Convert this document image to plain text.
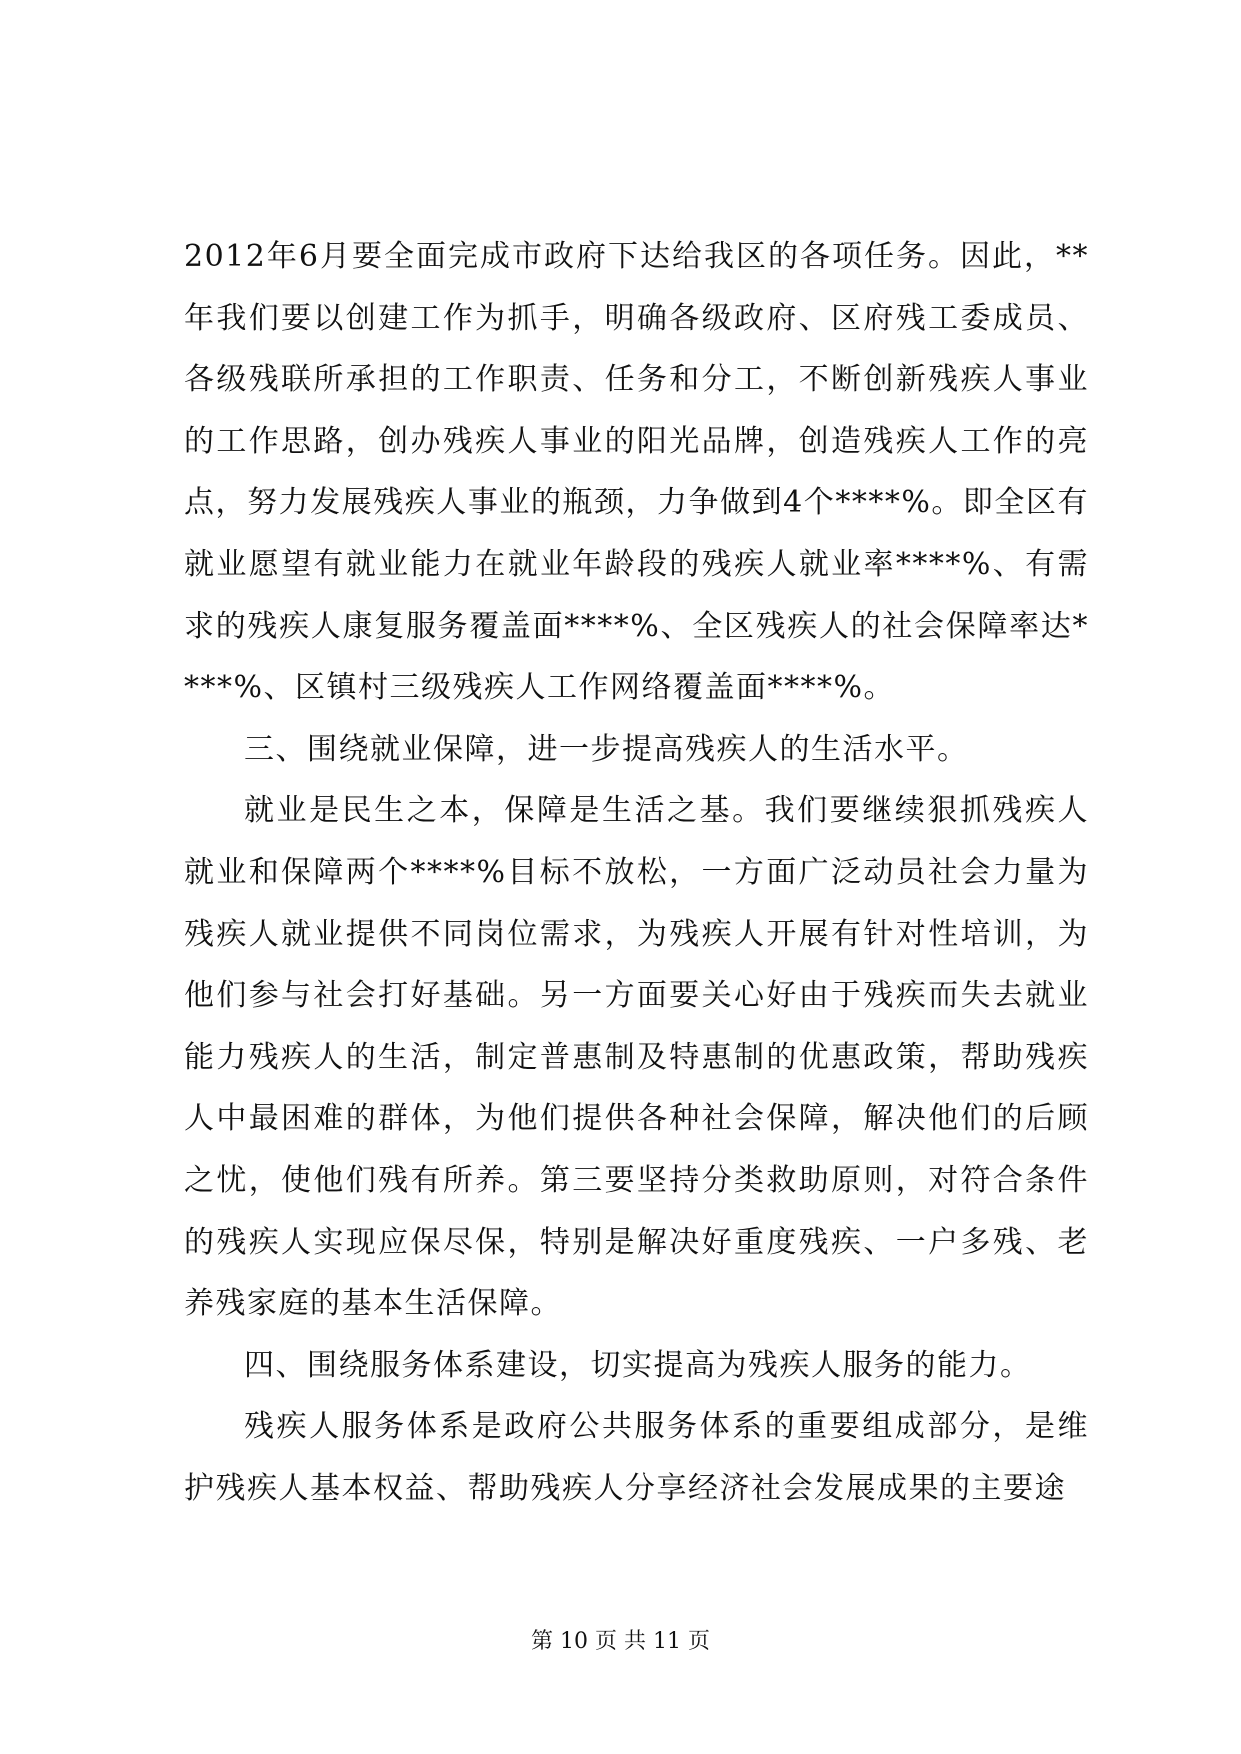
2012年6月要全面完成市政府下达给我区的各项任务。因此，**年我们要以创建工作为抓手，明确各级政府、区府残工委成员、各级残联所承担的工作职责、任务和分工，不断创新残疾人事业的工作思路，创办残疾人事业的阳光品牌，创造残疾人工作的亮点，努力发展残疾人事业的瓶颈，力争做到4个****%。即全区有就业愿望有就业能力在就业年龄段的残疾人就业率****%、有需求的残疾人康复服务覆盖面****%、全区残疾人的社会保障率达****%、区镇村三级残疾人工作网络覆盖面****%。

三、围绕就业保障，进一步提高残疾人的生活水平。

就业是民生之本，保障是生活之基。我们要继续狠抓残疾人就业和保障两个****%目标不放松，一方面广泛动员社会力量为残疾人就业提供不同岗位需求，为残疾人开展有针对性培训，为他们参与社会打好基础。另一方面要关心好由于残疾而失去就业能力残疾人的生活，制定普惠制及特惠制的优惠政策，帮助残疾人中最困难的群体，为他们提供各种社会保障，解决他们的后顾之忧，使他们残有所养。第三要坚持分类救助原则，对符合条件的残疾人实现应保尽保，特别是解决好重度残疾、一户多残、老养残家庭的基本生活保障。

四、围绕服务体系建设，切实提高为残疾人服务的能力。

残疾人服务体系是政府公共服务体系的重要组成部分，是维护残疾人基本权益、帮助残疾人分享经济社会发展成果的主要途

第 10 页 共 11 页
